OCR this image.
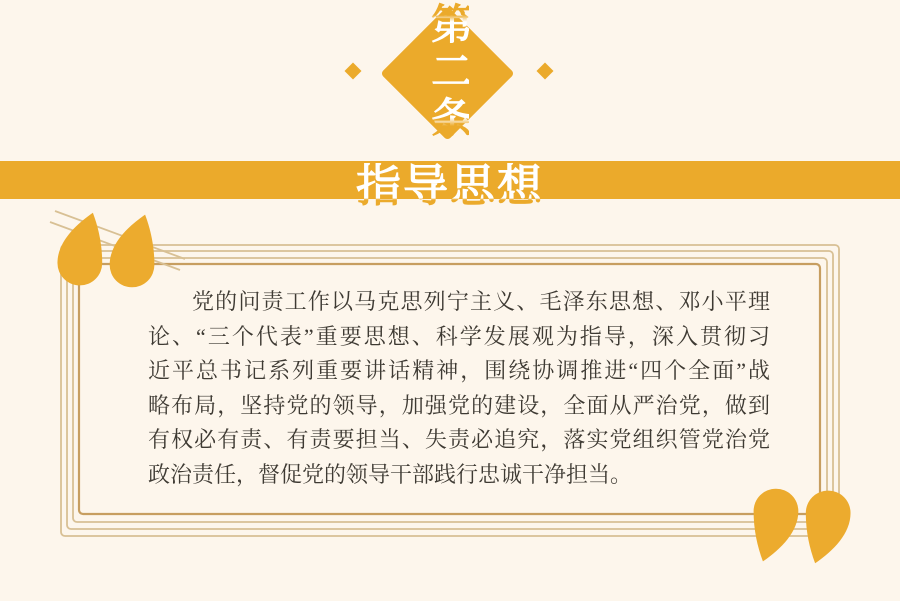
第二条
指导思想
党的问责工作以马克思列宁主义、毛泽东思想、邓小平理
论、“三个代表”重要思想、科学发展观为指导，深入贯彻习
近平总书记系列重要讲话精神，围绕协调推进“四个全面”战
略布局，坚持党的领导，加强党的建设，全面从严治党，做到
有权必有责、有责要担当、失责必追究，落实党组织管党治党
政治责任，督促党的领导干部践行忠诚干净担当。
